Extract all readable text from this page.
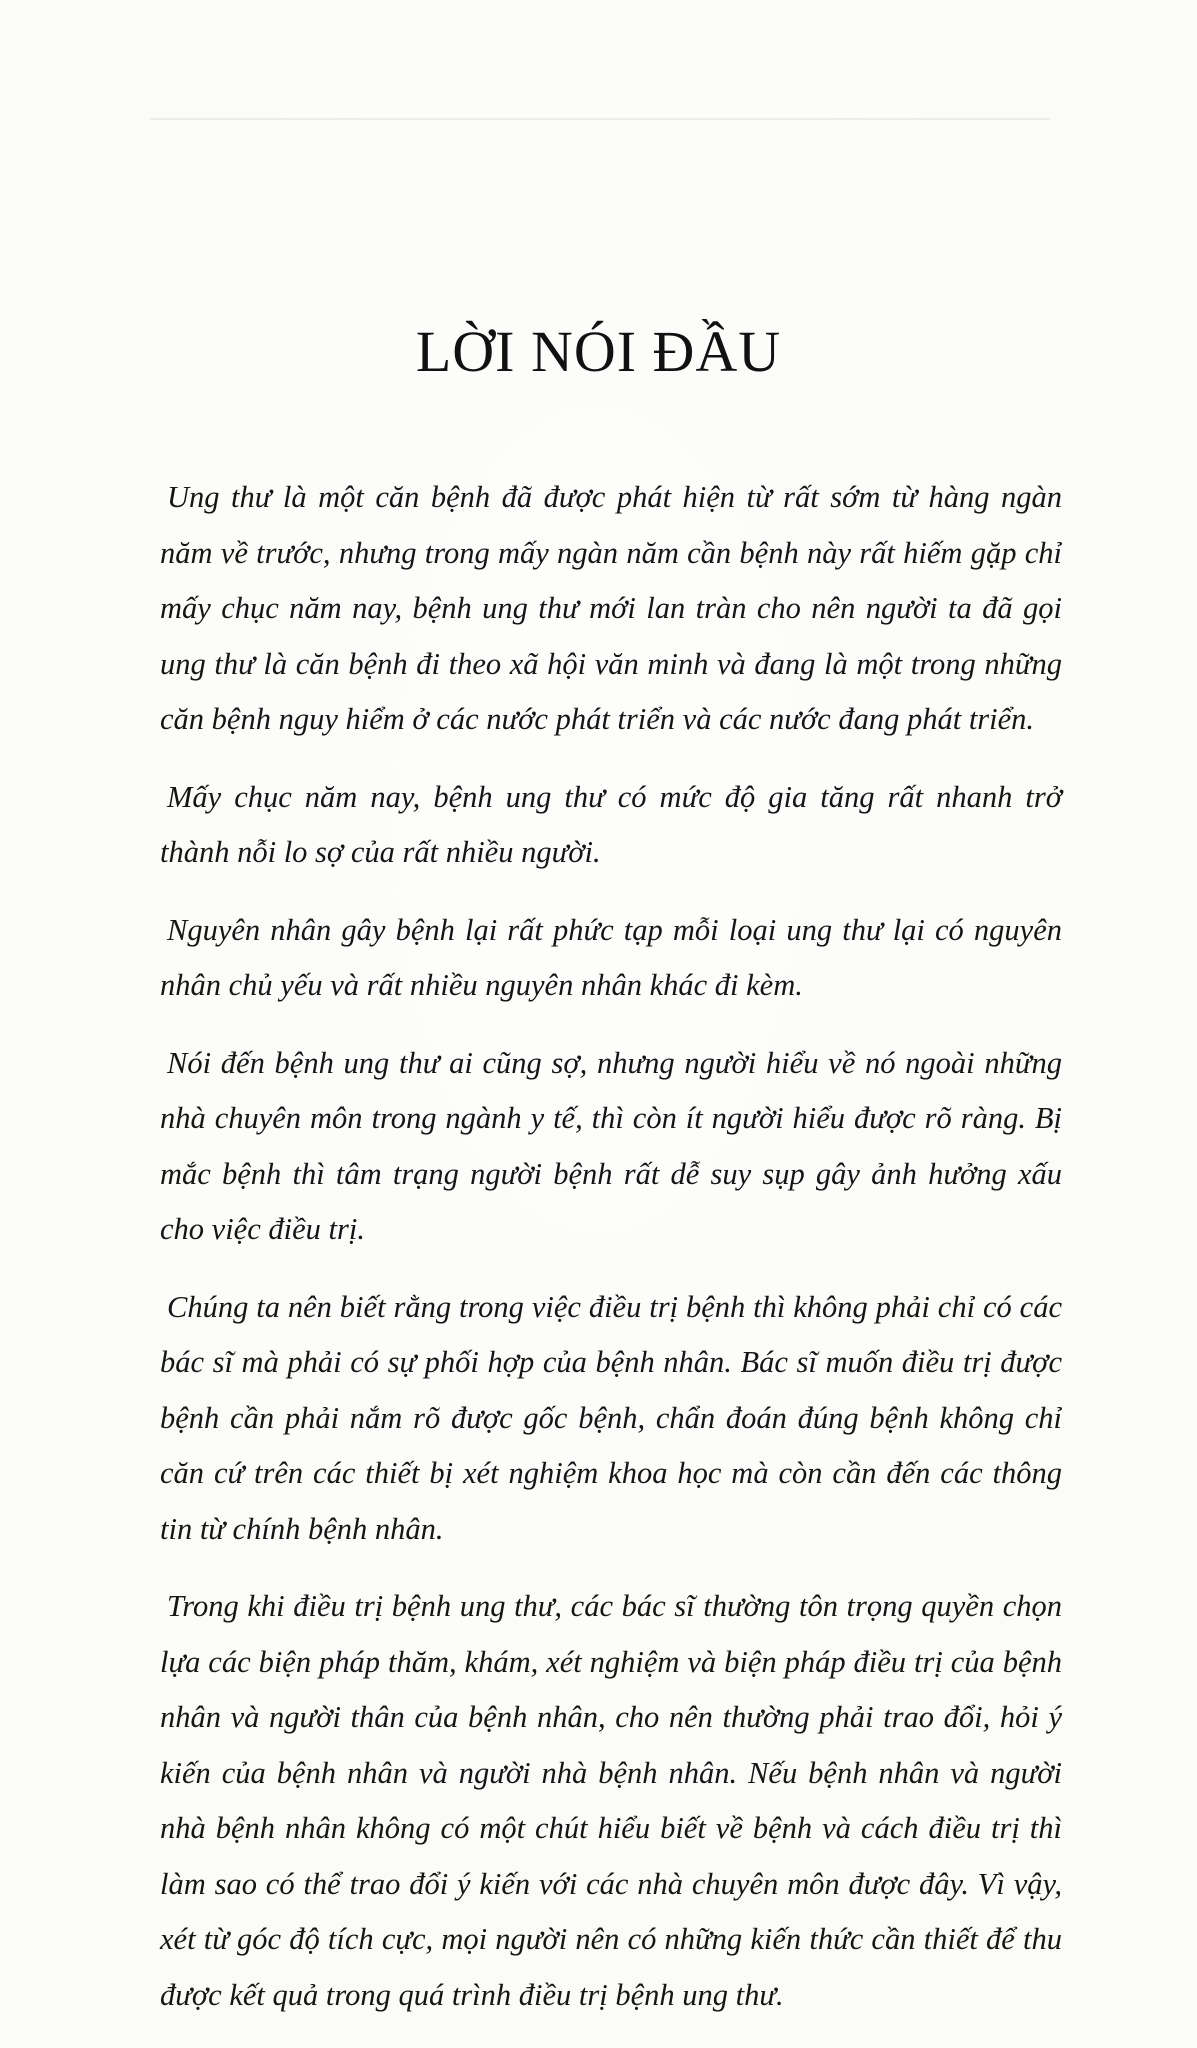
LỜI NÓI ĐẦU

Ung thư là một căn bệnh đã được phát hiện từ rất sớm từ hàng ngàn năm về trước, nhưng trong mấy ngàn năm cần bệnh này rất hiếm gặp chỉ mấy chục năm nay, bệnh ung thư mới lan tràn cho nên người ta đã gọi ung thư là căn bệnh đi theo xã hội văn minh và đang là một trong những căn bệnh nguy hiểm ở các nước phát triển và các nước đang phát triển.

Mấy chục năm nay, bệnh ung thư có mức độ gia tăng rất nhanh trở thành nỗi lo sợ của rất nhiều người.

Nguyên nhân gây bệnh lại rất phức tạp mỗi loại ung thư lại có nguyên nhân chủ yếu và rất nhiều nguyên nhân khác đi kèm.

Nói đến bệnh ung thư ai cũng sợ, nhưng người hiểu về nó ngoài những nhà chuyên môn trong ngành y tế, thì còn ít người hiểu được rõ ràng. Bị mắc bệnh thì tâm trạng người bệnh rất dễ suy sụp gây ảnh hưởng xấu cho việc điều trị.

Chúng ta nên biết rằng trong việc điều trị bệnh thì không phải chỉ có các bác sĩ mà phải có sự phối hợp của bệnh nhân. Bác sĩ muốn điều trị được bệnh cần phải nắm rõ được gốc bệnh, chẩn đoán đúng bệnh không chỉ căn cứ trên các thiết bị xét nghiệm khoa học mà còn cần đến các thông tin từ chính bệnh nhân.

Trong khi điều trị bệnh ung thư, các bác sĩ thường tôn trọng quyền chọn lựa các biện pháp thăm, khám, xét nghiệm và biện pháp điều trị của bệnh nhân và người thân của bệnh nhân, cho nên thường phải trao đổi, hỏi ý kiến của bệnh nhân và người nhà bệnh nhân. Nếu bệnh nhân và người nhà bệnh nhân không có một chút hiểu biết về bệnh và cách điều trị thì làm sao có thể trao đổi ý kiến với các nhà chuyên môn được đây. Vì vậy, xét từ góc độ tích cực, mọi người nên có những kiến thức cần thiết để thu được kết quả trong quá trình điều trị bệnh ung thư.
